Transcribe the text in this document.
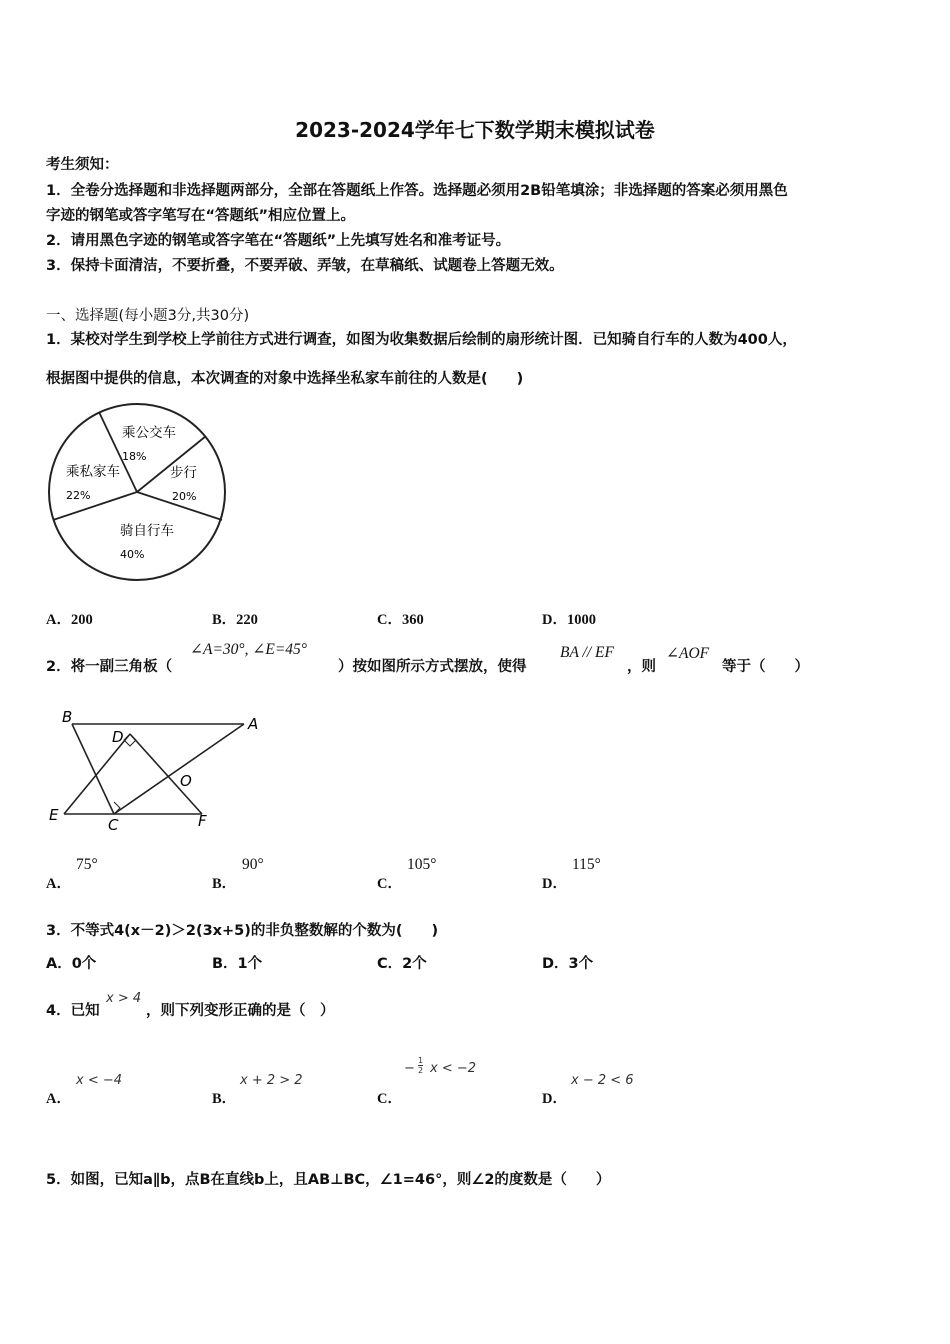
2023-2024学年七下数学期末模拟试卷
考生须知：
1．全卷分选择题和非选择题两部分，全部在答题纸上作答。选择题必须用2B铅笔填涂；非选择题的答案必须用黑色
字迹的钢笔或答字笔写在“答题纸”相应位置上。
2．请用黑色字迹的钢笔或答字笔在“答题纸”上先填写姓名和准考证号。
3．保持卡面清洁，不要折叠，不要弄破、弄皱，在草稿纸、试题卷上答题无效。
一、选择题(每小题3分,共30分)
1．某校对学生到学校上学前往方式进行调查，如图为收集数据后绘制的扇形统计图．已知骑自行车的人数为400人，
根据图中提供的信息，本次调查的对象中选择坐私家车前往的人数是(　　)
乘公交车
18%
步行
20%
骑自行车
40%
乘私家车
22%
A．200	B．220	C．360	D．1000
2．将一副三角板（
∠A=30°, ∠E=45°
）按如图所示方式摆放，使得
BA // EF
，则
∠AOF
等于（　　）
B	A
D
O
E
C	F
A．
75°
B．
90°
C．
105°
D．
115°
3．不等式4(x－2)＞2(3x+5)的非负整数解的个数为(　　)
A．0个	B．1个	C．2个	D．3个
4．已知
x > 4
，则下列变形正确的是（　）
A．
x < −4
B．
x + 2 > 2
C．
− $\frac{1}{2}$ x < −2
D．
x − 2 < 6
5．如图，已知a∥b，点B在直线b上，且AB⊥BC，∠1=46°，则∠2的度数是（　　）
